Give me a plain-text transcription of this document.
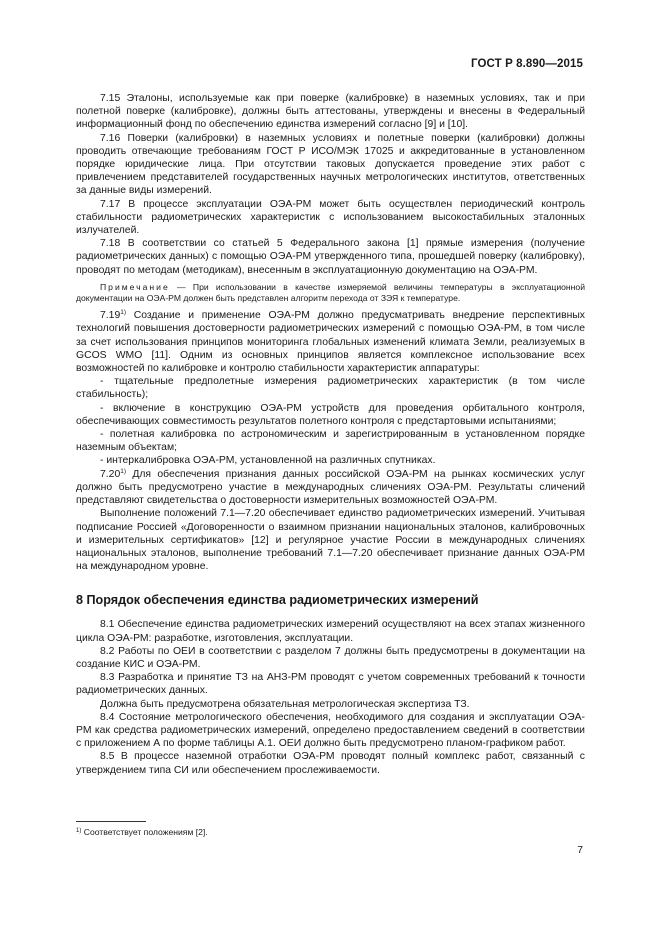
ГОСТ Р 8.890—2015

7.15 Эталоны, используемые как при поверке (калибровке) в наземных условиях, так и при полетной поверке (калибровке), должны быть аттестованы, утверждены и внесены в Федеральный информационный фонд по обеспечению единства измерений согласно [9] и [10].

7.16 Поверки (калибровки) в наземных условиях и полетные поверки (калибровки) должны проводить отвечающие требованиям ГОСТ Р ИСО/МЭК 17025 и аккредитованные в установленном порядке юридические лица. При отсутствии таковых допускается проведение этих работ с привлечением представителей государственных научных метрологических институтов, ответственных за данные виды измерений.

7.17 В процессе эксплуатации ОЭА-РМ может быть осуществлен периодический контроль стабильности радиометрических характеристик с использованием высокостабильных эталонных излучателей.

7.18 В соответствии со статьей 5 Федерального закона [1] прямые измерения (получение радиометрических данных) с помощью ОЭА-РМ утвержденного типа, прошедшей поверку (калибровку), проводят по методам (методикам), внесенным в эксплуатационную документацию на ОЭА-РМ.

Примечание — При использовании в качестве измеряемой величины температуры в эксплуатационной документации на ОЭА-РМ должен быть представлен алгоритм перехода от ЗЭЯ к температуре.

7.19$^{1)}$ Создание и применение ОЭА-РМ должно предусматривать внедрение перспективных технологий повышения достоверности радиометрических измерений с помощью ОЭА-РМ, в том числе за счет использования принципов мониторинга глобальных изменений климата Земли, реализуемых в GCOS WMO [11]. Одним из основных принципов является комплексное использование всех возможностей по калибровке и контролю стабильности характеристик аппаратуры:

- тщательные предполетные измерения радиометрических характеристик (в том числе стабильность);

- включение в конструкцию ОЭА-РМ устройств для проведения орбитального контроля, обеспечивающих совместимость результатов полетного контроля с предстартовыми испытаниями;

- полетная калибровка по астрономическим и зарегистрированным в установленном порядке наземным объектам;

- интеркалибровка ОЭА-РМ, установленной на различных спутниках.

7.20$^{1)}$ Для обеспечения признания данных российской ОЭА-РМ на рынках космических услуг должно быть предусмотрено участие в международных сличениях ОЭА-РМ. Результаты сличений представляют свидетельства о достоверности измерительных возможностей ОЭА-РМ.

Выполнение положений 7.1—7.20 обеспечивает единство радиометрических измерений. Учитывая подписание Россией «Договоренности о взаимном признании национальных эталонов, калибровочных и измерительных сертификатов» [12] и регулярное участие России в международных сличениях национальных эталонов, выполнение требований 7.1—7.20 обеспечивает признание данных ОЭА-РМ на международном уровне.

8 Порядок обеспечения единства радиометрических измерений

8.1 Обеспечение единства радиометрических измерений осуществляют на всех этапах жизненного цикла ОЭА-РМ: разработке, изготовления, эксплуатации.

8.2 Работы по ОЕИ в соответствии с разделом 7 должны быть предусмотрены в документации на создание КИС и ОЭА-РМ.

8.3 Разработка и принятие ТЗ на АНЗ-РМ проводят с учетом современных требований к точности радиометрических данных.

Должна быть предусмотрена обязательная метрологическая экспертиза ТЗ.

8.4 Состояние метрологического обеспечения, необходимого для создания и эксплуатации ОЭА-РМ как средства радиометрических измерений, определено предоставлением сведений в соответствии с приложением А по форме таблицы А.1. ОЕИ должно быть предусмотрено планом-графиком работ.

8.5 В процессе наземной отработки ОЭА-РМ проводят полный комплекс работ, связанный с утверждением типа СИ или обеспечением прослеживаемости.

$^{1)}$ Соответствует положениям [2].
7
